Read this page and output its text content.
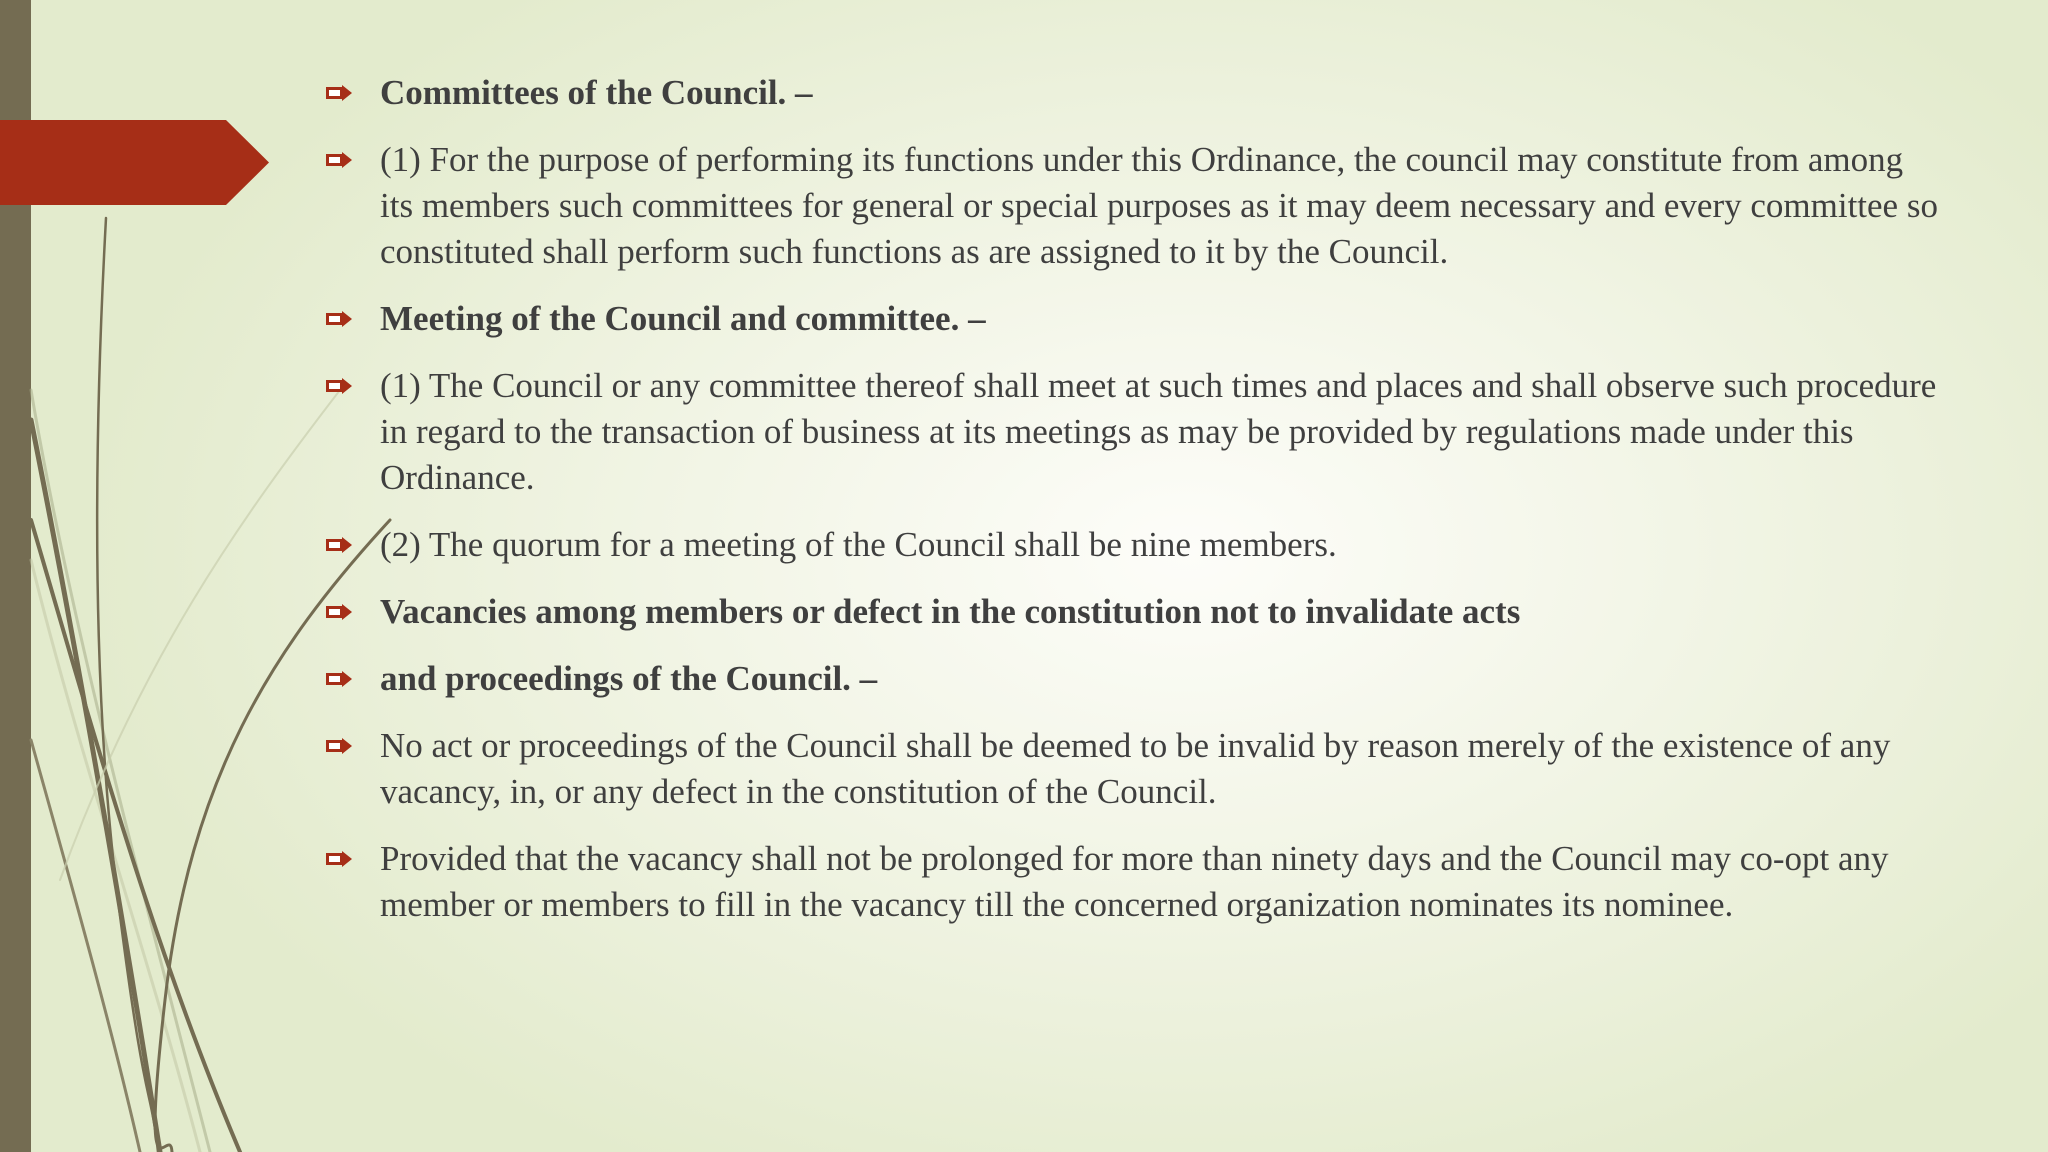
Committees of the Council. –
(1) For the purpose of performing its functions under this Ordinance, the council may constitute from among its members such committees for general or special purposes as it may deem necessary and every committee so constituted shall perform such functions as are assigned to it by the Council.
Meeting of the Council and committee. –
(1) The Council or any committee thereof shall meet at such times and places and shall observe such procedure in regard to the transaction of business at its meetings as may be provided by regulations made under this Ordinance.
(2) The quorum for a meeting of the Council shall be nine members.
Vacancies among members or defect in the constitution not to invalidate acts
and proceedings of the Council. –
No act or proceedings of the Council shall be deemed to be invalid by reason merely of the existence of any vacancy, in, or any defect in the constitution of the Council.
Provided that the vacancy shall not be prolonged for more than ninety days and the Council may co-opt any member or members to fill in the vacancy till the concerned organization nominates its nominee.
